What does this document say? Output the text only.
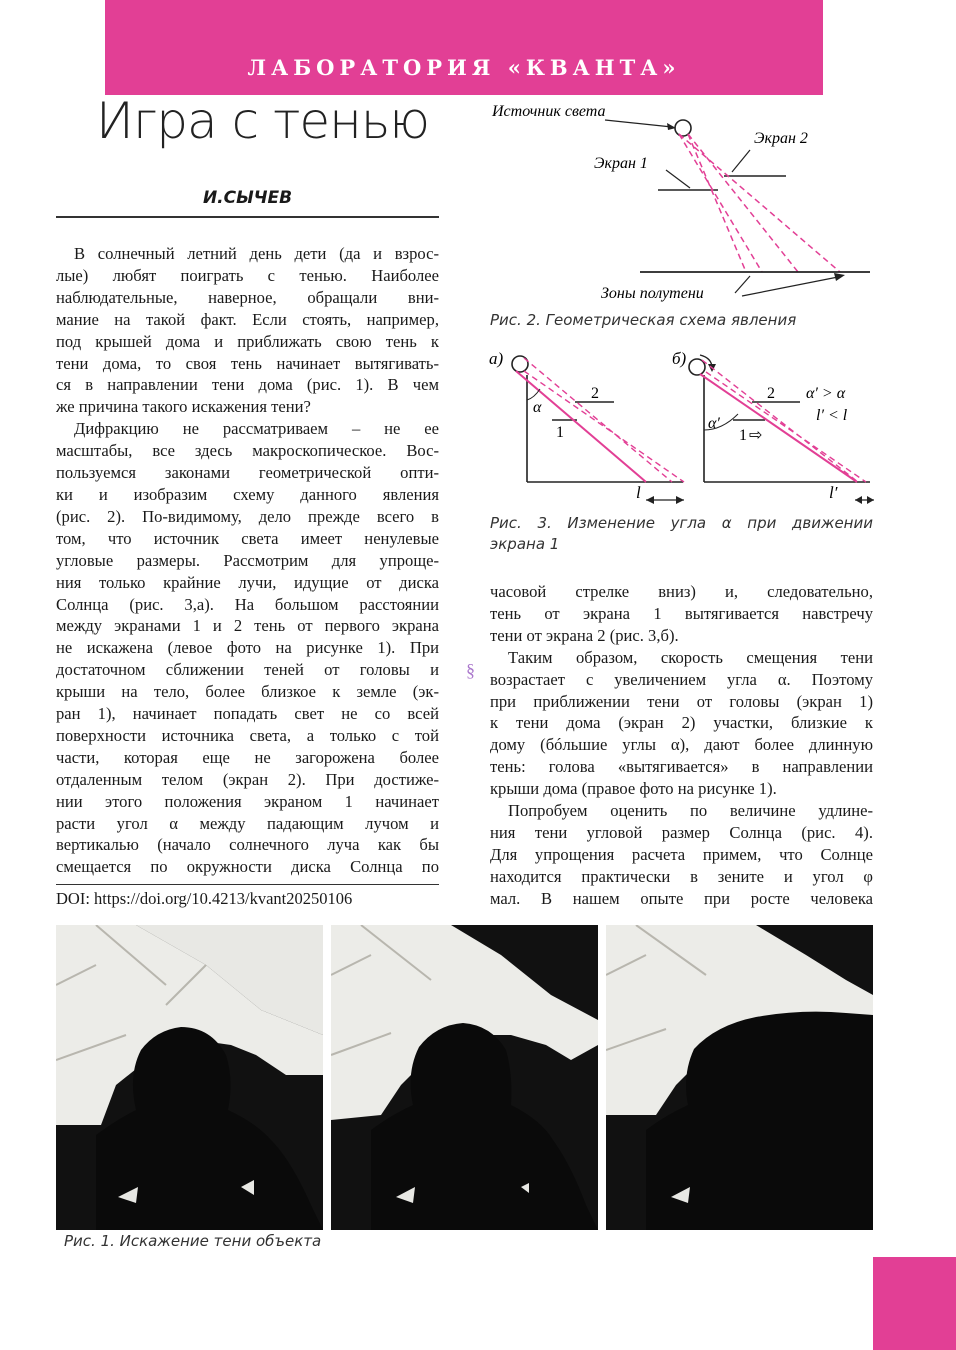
ЛАБОРАТОРИЯ «КВАНТА»
Игра с тенью
И.СЫЧЕВ
В солнечный летний день дети (да и взрос-
лые) любят поиграть с тенью. Наиболее
наблюдательные, наверное, обращали вни-
мание на такой факт. Если стоять, например,
под крышей дома и приближать свою тень к
тени дома, то своя тень начинает вытягивать-
ся в направлении тени дома (рис. 1). В чем
же причина такого искажения тени?
Дифракцию не рассматриваем – не ее
масштабы, все здесь макроскопическое. Вос-
пользуемся законами геометрической опти-
ки и изобразим схему данного явления
(рис. 2). По-видимому, дело прежде всего в
том, что источник света имеет ненулевые
угловые размеры. Рассмотрим для упроще-
ния только крайние лучи, идущие от диска
Солнца (рис. 3,а). На большом расстоянии
между экранами 1 и 2 тень от первого экрана
не искажена (левое фото на рисунке 1). При
достаточном сближении теней от головы и
крыши на тело, более близкое к земле (эк-
ран 1), начинает попадать свет не со всей
поверхности источника света, а только с той
части, которая еще не загорожена более
отдаленным телом (экран 2). При достиже-
нии этого положения экраном 1 начинает
расти угол α между падающим лучом и
вертикалью (начало солнечного луча как бы
смещается по окружности диска Солнца по
DOI: https://doi.org/10.4213/kvant20250106
Источник света
Экран 2
Экран 1
Зоны полутени
Рис. 2. Геометрическая схема явления
а)
α
2
1
l
б)
α′
2
1 ⇨
α′ > α
l′ < l
l′
Рис. 3. Изменение угла α при движении
экрана 1
часовой стрелке вниз) и, следовательно,
тень от экрана 1 вытягивается навстречу
тени от экрана 2 (рис. 3,б).
Таким образом, скорость смещения тени
возрастает с увеличением угла α. Поэтому
при приближении тени от головы (экран 1)
к тени дома (экран 2) участки, близкие к
дому (бóльшие углы α), дают более длинную
тень: голова «вытягивается» в направлении
крыши дома (правое фото на рисунке 1).
Попробуем оценить по величине удлине-
ния тени угловой размер Солнца (рис. 4).
Для упрощения расчета примем, что Солнце
находится практически в зените и угол φ
мал. В нашем опыте при росте человека
§
Рис. 1. Искажение тени объекта
